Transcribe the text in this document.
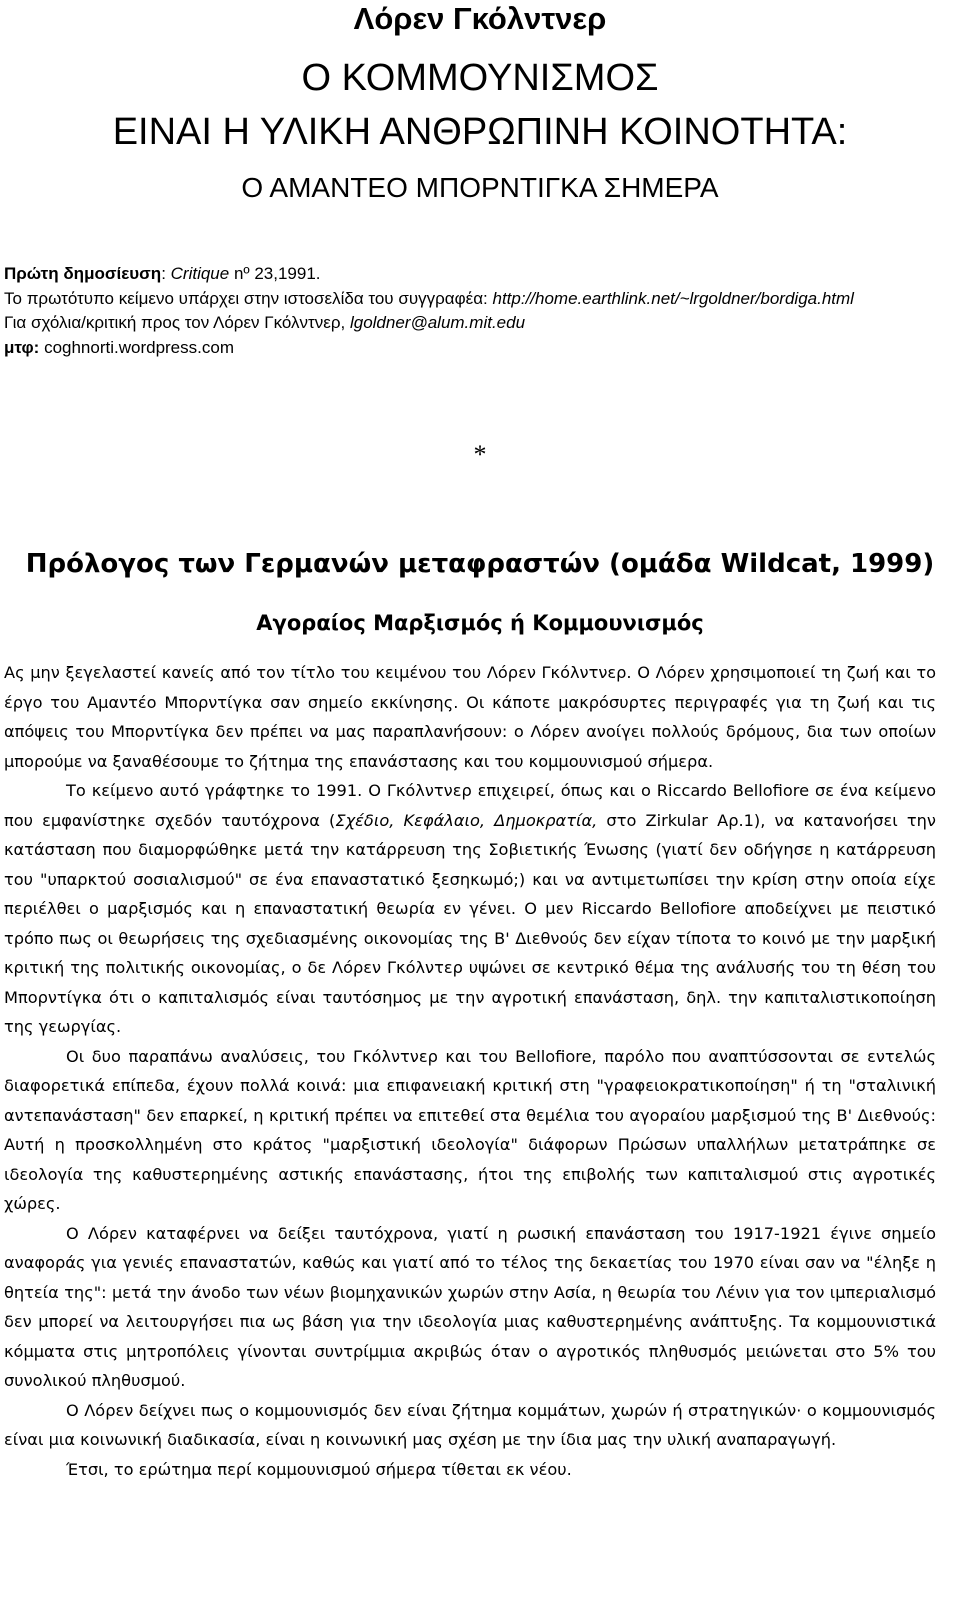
Λόρεν Γκόλντνερ
Ο ΚΟΜΜΟΥΝΙΣΜΟΣ
ΕΙΝΑΙ Η ΥΛΙΚΗ ΑΝΘΡΩΠΙΝΗ ΚΟΙΝΟΤΗΤΑ:
Ο ΑΜΑΝΤΕΟ ΜΠΟΡΝΤΙΓΚΑ ΣΗΜΕΡΑ
Πρώτη δημοσίευση: Critique nº 23,1991.
Το πρωτότυπο κείμενο υπάρχει στην ιστοσελίδα του συγγραφέα: http://home.earthlink.net/~lrgoldner/bordiga.html
Για σχόλια/κριτική προς τον Λόρεν Γκόλντνερ, lgoldner@alum.mit.edu
μτφ: coghnorti.wordpress.com
*
Πρόλογος των Γερμανών μεταφραστών (ομάδα Wildcat, 1999)
Αγοραίος Μαρξισμός ή Κομμουνισμός

Ας μην ξεγελαστεί κανείς από τον τίτλο του κειμένου του Λόρεν Γκόλντνερ. Ο Λόρεν χρησιμοποιεί τη ζωή και το έργο του Αμαντέο Μπορντίγκα σαν σημείο εκκίνησης. Οι κάποτε μακρόσυρτες περιγραφές για τη ζωή και τις απόψεις του Μπορντίγκα δεν πρέπει να μας παραπλανήσουν: ο Λόρεν ανοίγει πολλούς δρόμους, δια των οποίων μπορούμε να ξαναθέσουμε το ζήτημα της επανάστασης και του κομμουνισμού σήμερα.

Το κείμενο αυτό γράφτηκε το 1991. Ο Γκόλντνερ επιχειρεί, όπως και ο Riccardo Bellofiore σε ένα κείμενο που εμφανίστηκε σχεδόν ταυτόχρονα (Σχέδιο, Κεφάλαιο, Δημοκρατία, στο Zirkular Αρ.1), να κατανοήσει την κατάσταση που διαμορφώθηκε μετά την κατάρρευση της Σοβιετικής Ένωσης (γιατί δεν οδήγησε η κατάρρευση του "υπαρκτού σοσιαλισμού" σε ένα επαναστατικό ξεσηκωμό;) και να αντιμετωπίσει την κρίση στην οποία είχε περιέλθει ο μαρξισμός και η επαναστατική θεωρία εν γένει. Ο μεν Riccardo Bellofiore αποδείχνει με πειστικό τρόπο πως οι θεωρήσεις της σχεδιασμένης οικονομίας της Β' Διεθνούς δεν είχαν τίποτα το κοινό με την μαρξική κριτική της πολιτικής οικονομίας, ο δε Λόρεν Γκόλντερ υψώνει σε κεντρικό θέμα της ανάλυσής του τη θέση του Μπορντίγκα ότι ο καπιταλισμός είναι ταυτόσημος με την αγροτική επανάσταση, δηλ. την καπιταλιστικοποίηση της γεωργίας.

Οι δυο παραπάνω αναλύσεις, του Γκόλντνερ και του Bellofiore, παρόλο που αναπτύσσονται σε εντελώς διαφορετικά επίπεδα, έχουν πολλά κοινά: μια επιφανειακή κριτική στη "γραφειοκρατικοποίηση" ή τη "σταλινική αντεπανάσταση" δεν επαρκεί, η κριτική πρέπει να επιτεθεί στα θεμέλια του αγοραίου μαρξισμού της Β' Διεθνούς: Αυτή η προσκολλημένη στο κράτος "μαρξιστική ιδεολογία" διάφορων Πρώσων υπαλλήλων μετατράπηκε σε ιδεολογία της καθυστερημένης αστικής επανάστασης, ήτοι της επιβολής των καπιταλισμού στις αγροτικές χώρες.

Ο Λόρεν καταφέρνει να δείξει ταυτόχρονα, γιατί η ρωσική επανάσταση του 1917-1921 έγινε σημείο αναφοράς για γενιές επαναστατών, καθώς και γιατί από το τέλος της δεκαετίας του 1970 είναι σαν να "έληξε η θητεία της": μετά την άνοδο των νέων βιομηχανικών χωρών στην Ασία, η θεωρία του Λένιν για τον ιμπεριαλισμό δεν μπορεί να λειτουργήσει πια ως βάση για την ιδεολογία μιας καθυστερημένης ανάπτυξης. Τα κομμουνιστικά κόμματα στις μητροπόλεις γίνονται συντρίμμια ακριβώς όταν ο αγροτικός πληθυσμός μειώνεται στο 5% του συνολικού πληθυσμού.

Ο Λόρεν δείχνει πως ο κομμουνισμός δεν είναι ζήτημα κομμάτων, χωρών ή στρατηγικών· ο κομμουνισμός είναι μια κοινωνική διαδικασία, είναι η κοινωνική μας σχέση με την ίδια μας την υλική αναπαραγωγή.

Έτσι, το ερώτημα περί κομμουνισμού σήμερα τίθεται εκ νέου.
